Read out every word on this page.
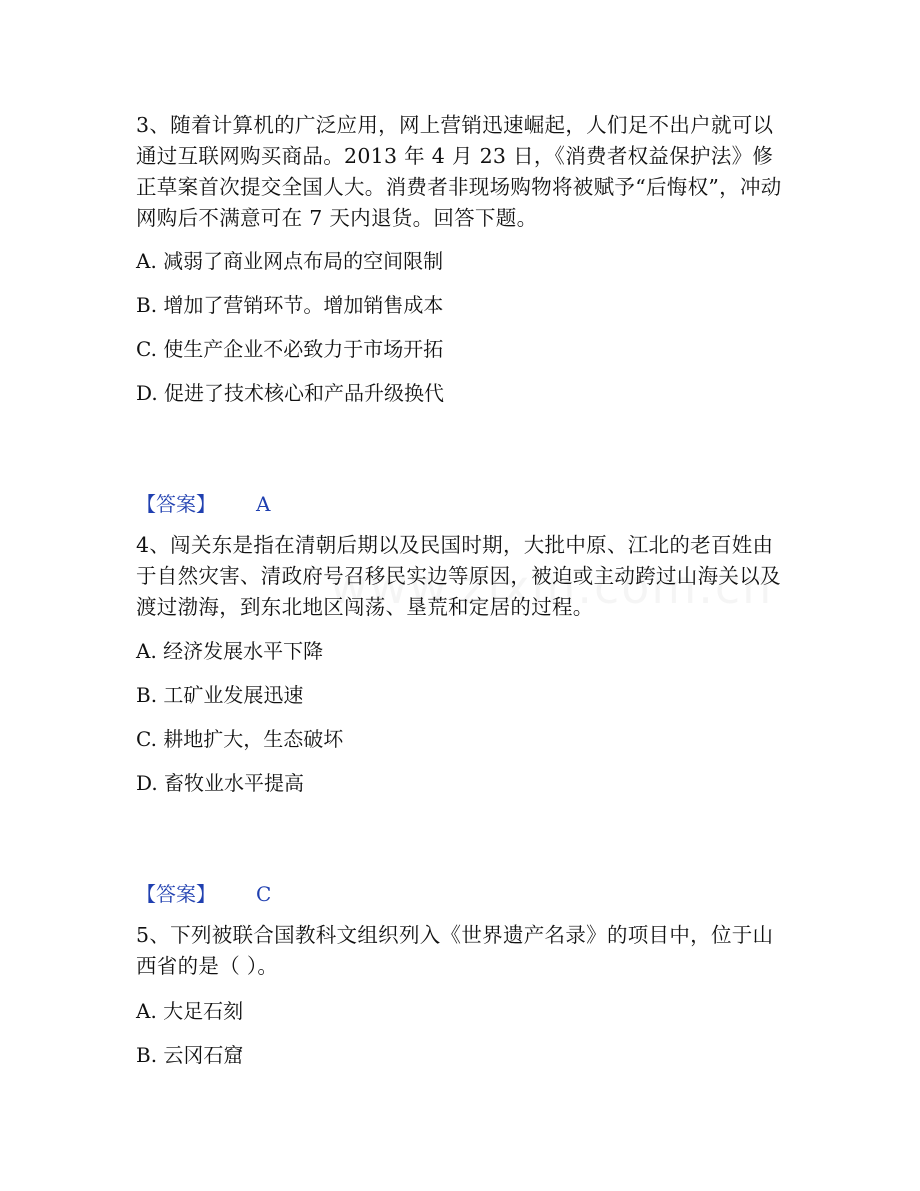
3、随着计算机的广泛应用，网上营销迅速崛起，人们足不出户就可以通过互联网购买商品。2013 年 4 月 23 日，《消费者权益保护法》修正草案首次提交全国人大。消费者非现场购物将被赋予“后悔权”，冲动网购后不满意可在 7 天内退货。回答下题。

A. 减弱了商业网点布局的空间限制

B. 增加了营销环节。增加销售成本

C. 使生产企业不必致力于市场开拓

D. 促进了技术核心和产品升级换代

【答案】 A

4、闯关东是指在清朝后期以及民国时期，大批中原、江北的老百姓由于自然灾害、清政府号召移民实边等原因，被迫或主动跨过山海关以及渡过渤海，到东北地区闯荡、垦荒和定居的过程。

A. 经济发展水平下降

B. 工矿业发展迅速

C. 耕地扩大，生态破坏

D. 畜牧业水平提高

【答案】 C

5、下列被联合国教科文组织列入《世界遗产名录》的项目中，位于山西省的是（ ）。

A. 大足石刻

B. 云冈石窟
